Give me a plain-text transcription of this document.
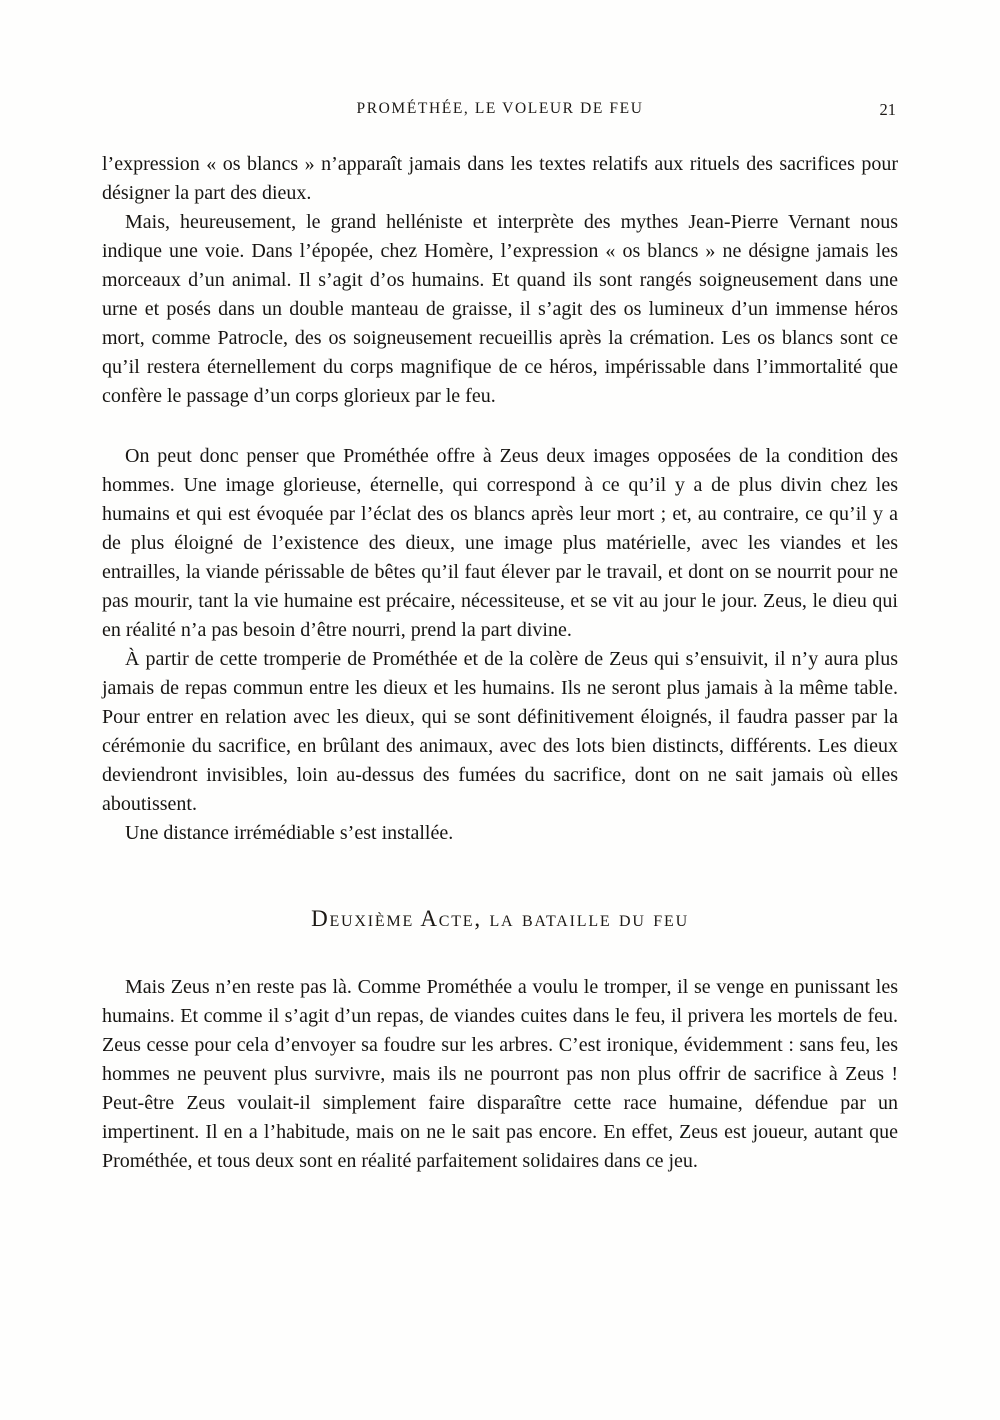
PROMÉTHÉE, LE VOLEUR DE FEU	21

l’expression « os blancs » n’apparaît jamais dans les textes relatifs aux rituels des sacrifices pour désigner la part des dieux.

Mais, heureusement, le grand helléniste et interprète des mythes Jean-Pierre Vernant nous indique une voie. Dans l’épopée, chez Homère, l’expression « os blancs » ne désigne jamais les morceaux d’un animal. Il s’agit d’os humains. Et quand ils sont rangés soigneusement dans une urne et posés dans un double manteau de graisse, il s’agit des os lumineux d’un immense héros mort, comme Patrocle, des os soigneusement recueillis après la crémation. Les os blancs sont ce qu’il restera éternellement du corps magnifique de ce héros, impérissable dans l’immortalité que confère le passage d’un corps glorieux par le feu.

On peut donc penser que Prométhée offre à Zeus deux images opposées de la condition des hommes. Une image glorieuse, éternelle, qui correspond à ce qu’il y a de plus divin chez les humains et qui est évoquée par l’éclat des os blancs après leur mort ; et, au contraire, ce qu’il y a de plus éloigné de l’existence des dieux, une image plus matérielle, avec les viandes et les entrailles, la viande périssable de bêtes qu’il faut élever par le travail, et dont on se nourrit pour ne pas mourir, tant la vie humaine est précaire, nécessiteuse, et se vit au jour le jour. Zeus, le dieu qui en réalité n’a pas besoin d’être nourri, prend la part divine.

À partir de cette tromperie de Prométhée et de la colère de Zeus qui s’ensuivit, il n’y aura plus jamais de repas commun entre les dieux et les humains. Ils ne seront plus jamais à la même table. Pour entrer en relation avec les dieux, qui se sont définitivement éloignés, il faudra passer par la cérémonie du sacrifice, en brûlant des animaux, avec des lots bien distincts, différents. Les dieux deviendront invisibles, loin au-dessus des fumées du sacrifice, dont on ne sait jamais où elles aboutissent.

Une distance irrémédiable s’est installée.

Deuxième Acte, la bataille du feu

Mais Zeus n’en reste pas là. Comme Prométhée a voulu le tromper, il se venge en punissant les humains. Et comme il s’agit d’un repas, de viandes cuites dans le feu, il privera les mortels de feu. Zeus cesse pour cela d’envoyer sa foudre sur les arbres. C’est ironique, évidemment : sans feu, les hommes ne peuvent plus survivre, mais ils ne pourront pas non plus offrir de sacrifice à Zeus ! Peut-être Zeus voulait-il simplement faire disparaître cette race humaine, défendue par un impertinent. Il en a l’habitude, mais on ne le sait pas encore. En effet, Zeus est joueur, autant que Prométhée, et tous deux sont en réalité parfaitement solidaires dans ce jeu.
